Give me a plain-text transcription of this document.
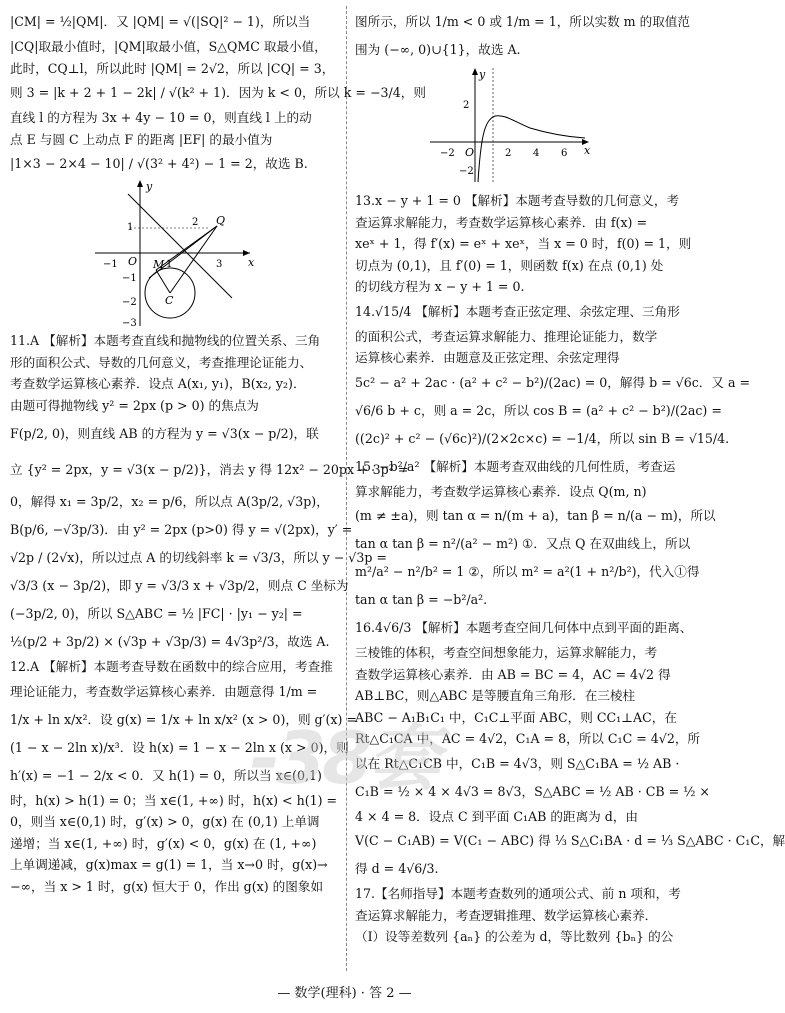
|CM| = ½|QM|．又 |QM| = √(|SQ|² − 1)，所以当
|CQ|取最小值时，|QM|取最小值，S△QMC 取最小值，
此时，CQ⊥l，所以此时 |QM| = 2√2，所以 |CQ| = 3，
则 3 = |k + 2 + 1 − 2k| / √(k² + 1)．因为 k < 0，所以 k = −3/4，则
直线 l 的方程为 3x + 4y − 10 = 0，则直线 l 上的动
点 E 与圆 C 上动点 F 的距离 |EF| 的最小值为
|1×3 − 2×4 − 10| / √(3² + 4²) − 1 = 2，故选 B.
x
y
O
Q
M
C
−1	1
2
3
1
−1
−2
−3
11.A 【解析】本题考查直线和抛物线的位置关系、三角
形的面积公式、导数的几何意义，考查推理论证能力、
考查数学运算核心素养．设点 A(x₁, y₁)，B(x₂, y₂)．
由题可得抛物线 y² = 2px (p > 0) 的焦点为
F(p/2, 0)，则直线 AB 的方程为 y = √3(x − p/2)，联
立 {y² = 2px，y = √3(x − p/2)}，消去 y 得 12x² − 20px + 3p² =
0，解得 x₁ = 3p/2，x₂ = p/6，所以点 A(3p/2, √3p)，
B(p/6, −√3p/3)．由 y² = 2px (p>0) 得 y = √(2px)，y′ =
√2p / (2√x)，所以过点 A 的切线斜率 k = √3/3，所以 y − √3p =
√3/3 (x − 3p/2)，即 y = √3/3 x + √3p/2，则点 C 坐标为
(−3p/2, 0)，所以 S△ABC = ½ |FC| · |y₁ − y₂| =
½(p/2 + 3p/2) × (√3p + √3p/3) = 4√3p²/3，故选 A.
12.A 【解析】本题考查导数在函数中的综合应用，考查推
理论证能力，考查数学运算核心素养．由题意得 1/m =
1/x + ln x/x²．设 g(x) = 1/x + ln x/x² (x > 0)，则 g′(x) =
(1 − x − 2ln x)/x³．设 h(x) = 1 − x − 2ln x (x > 0)，则
h′(x) = −1 − 2/x < 0．又 h(1) = 0，所以当 x∈(0,1)
时，h(x) > h(1) = 0；当 x∈(1, +∞) 时，h(x) < h(1) =
0，则当 x∈(0,1) 时，g′(x) > 0，g(x) 在 (0,1) 上单调
递增；当 x∈(1, +∞) 时，g′(x) < 0，g(x) 在 (1, +∞)
上单调递减，g(x)max = g(1) = 1，当 x→0 时，g(x)→
−∞，当 x > 1 时，g(x) 恒大于 0，作出 g(x) 的图象如
图所示，所以 1/m < 0 或 1/m = 1，所以实数 m 的取值范
围为 (−∞, 0)∪{1}，故选 A.
x
y
O
−2	2 4 6
2
−2
13.x − y + 1 = 0 【解析】本题考查导数的几何意义，考
查运算求解能力，考查数学运算核心素养．由 f(x) =
xeˣ + 1，得 f′(x) = eˣ + xeˣ，当 x = 0 时，f(0) = 1，则
切点为 (0,1)，且 f′(0) = 1，则函数 f(x) 在点 (0,1) 处
的切线方程为 x − y + 1 = 0.
14.√15/4 【解析】本题考查正弦定理、余弦定理、三角形
的面积公式，考查运算求解能力、推理论证能力，数学
运算核心素养．由题意及正弦定理、余弦定理得
5c² − a² + 2ac · (a² + c² − b²)/(2ac) = 0，解得 b = √6c．又 a =
√6/6 b + c，则 a = 2c，所以 cos B = (a² + c² − b²)/(2ac) =
((2c)² + c² − (√6c)²)/(2×2c×c) = −1/4，所以 sin B = √15/4.
15. −b²/a² 【解析】本题考查双曲线的几何性质，考查运
算求解能力，考查数学运算核心素养．设点 Q(m, n)
(m ≠ ±a)，则 tan α = n/(m + a)，tan β = n/(a − m)，所以
tan α tan β = n²/(a² − m²) ①．又点 Q 在双曲线上，所以
m²/a² − n²/b² = 1 ②，所以 m² = a²(1 + n²/b²)，代入①得
tan α tan β = −b²/a².
16.4√6/3 【解析】本题考查空间几何体中点到平面的距离、
三棱锥的体积，考查空间想象能力，运算求解能力，考
查数学运算核心素养．由 AB = BC = 4，AC = 4√2 得
AB⊥BC，则△ABC 是等腰直角三角形．在三棱柱
ABC − A₁B₁C₁ 中，C₁C⊥平面 ABC，则 CC₁⊥AC，在
Rt△C₁CA 中，AC = 4√2，C₁A = 8，所以 C₁C = 4√2，所
以在 Rt△C₁CB 中，C₁B = 4√3，则 S△C₁BA = ½ AB ·
C₁B = ½ × 4 × 4√3 = 8√3，S△ABC = ½ AB · CB = ½ ×
4 × 4 = 8．设点 C 到平面 C₁AB 的距离为 d，由
V(C − C₁AB) = V(C₁ − ABC) 得 ⅓ S△C₁BA · d = ⅓ S△ABC · C₁C，解
得 d = 4√6/3.
17.【名师指导】本题考查数列的通项公式、前 n 项和，考
查运算求解能力，考查逻辑推理、数学运算核心素养．
（Ⅰ）设等差数列 {aₙ} 的公差为 d，等比数列 {bₙ} 的公
-38套
— 数学(理科) · 答 2 —
